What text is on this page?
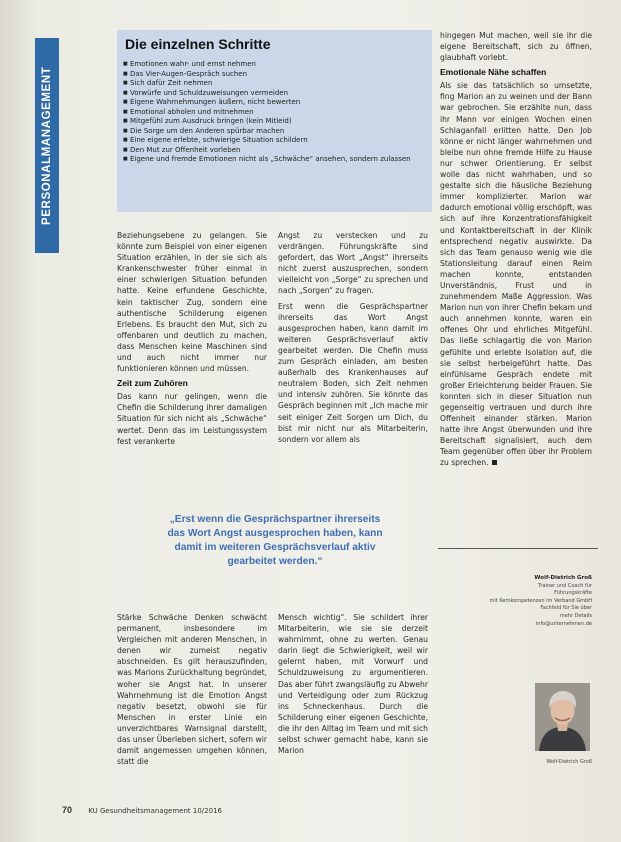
PERSONALMANAGEMENT
Die einzelnen Schritte
■ Emotionen wahr- und ernst nehmen
■ Das Vier-Augen-Gespräch suchen
■ Sich dafür Zeit nehmen
■ Vorwürfe und Schuldzuweisungen vermeiden
■ Eigene Wahrnehmungen äußern, nicht bewerten
■ Emotional abholen und mitnehmen
■ Mitgefühl zum Ausdruck bringen (kein Mitleid)
■ Die Sorge um den Anderen spürbar machen
■ Eine eigene erlebte, schwierige Situation schildern
■ Den Mut zur Offenheit vorleben
■ Eigene und fremde Emotionen nicht als „Schwäche“ ansehen, sondern zulassen

Beziehungsebene zu gelangen. Sie könnte zum Beispiel von einer eigenen Situation erzählen, in der sie sich als Krankenschwester früher einmal in einer schwierigen Situation befunden hatte. Keine erfundene Geschichte, kein taktischer Zug, sondern eine authentische Schilderung eigenen Erlebens. Es braucht den Mut, sich zu offenbaren und deutlich zu machen, dass Menschen keine Maschinen sind und auch nicht immer nur funktionieren können und müssen.

Zeit zum Zuhören

Das kann nur gelingen, wenn die Chefin die Schilderung ihrer damaligen Situation für sich nicht als „Schwäche“ wertet. Denn das im Leistungssystem fest verankerte

Angst zu verstecken und zu verdrängen. Führungskräfte sind gefordert, das Wort „Angst“ ihrerseits nicht zuerst auszusprechen, sondern vielleicht von „Sorge“ zu sprechen und nach „Sorgen“ zu fragen.

Erst wenn die Gesprächspartner ihrerseits das Wort Angst ausgesprochen haben, kann damit im weiteren Gesprächsverlauf aktiv gearbeitet werden. Die Chefin muss zum Gespräch einladen, am besten außerhalb des Krankenhauses auf neutralem Boden, sich Zeit nehmen und intensiv zuhören. Sie könnte das Gespräch beginnen mit „Ich mache mir seit einiger Zeit Sorgen um Dich, du bist mir nicht nur als Mitarbeiterin, sondern vor allem als

„Erst wenn die Gesprächspartner ihrerseits das Wort Angst ausgesprochen haben, kann damit im weiteren Gesprächsverlauf aktiv gearbeitet werden.“

Stärke Schwäche Denken schwächt permanent, insbesondere im Vergleichen mit anderen Menschen, in denen wir zumeist negativ abschneiden. Es gilt herauszufinden, was Marions Zurückhaltung begründet, woher sie Angst hat. In unserer Wahrnehmung ist die Emotion Angst negativ besetzt, obwohl sie für Menschen in erster Linie ein unverzichtbares Warnsignal darstellt, das unser Überleben sichert, sofern wir damit angemessen umgehen können, statt die

Mensch wichtig“. Sie schildert ihrer Mitarbeiterin, wie sie sie derzeit wahrnimmt, ohne zu werten. Genau darin liegt die Schwierigkeit, weil wir gelernt haben, mit Vorwurf und Schuldzuweisung zu argumentieren. Das aber führt zwangsläufig zu Abwehr und Verteidigung oder zum Rückzug ins Schneckenhaus. Durch die Schilderung einer eigenen Geschichte, die ihr den Alltag im Team und mit sich selbst schwer gemacht habe, kann sie Marion

hingegen Mut machen, weil sie ihr die eigene Bereitschaft, sich zu öffnen, glaubhaft vorlebt.

Emotionale Nähe schaffen

Als sie das tatsächlich so umsetzte, fing Marion an zu weinen und der Bann war gebrochen. Sie erzählte nun, dass ihr Mann vor einigen Wochen einen Schlaganfall erlitten hatte. Den Job könne er nicht länger wahrnehmen und bleibe nun ohne fremde Hilfe zu Hause nur schwer Orientierung. Er selbst wolle das nicht wahrhaben, und so gestalte sich die häusliche Beziehung immer komplizierter. Marion war dadurch emotional völlig erschöpft, was sich auf ihre Konzentrationsfähigkeit und Kontaktbereitschaft in der Klinik entsprechend negativ auswirkte. Da sich das Team genauso wenig wie die Stationsleitung darauf einen Reim machen konnte, entstanden Unverständnis, Frust und in zunehmendem Maße Aggression. Was Marion nun von ihrer Chefin bekam und auch annehmen konnte, waren ein offenes Ohr und ehrliches Mitgefühl. Das ließe schlagartig die von Marion gefühlte und erlebte Isolation auf, die sie selbst herbeigeführt hatte. Das einfühlsame Gespräch endete mit großer Erleichterung beider Frauen. Sie konnten sich in dieser Situation nun gegenseitig vertrauen und durch ihre Offenheit einander stärken. Marion hatte ihre Angst überwunden und ihre Bereitschaft signalisiert, auch dem Team gegenüber offen über ihr Problem zu sprechen.

Wolf-Dietrich Groß
Trainer und Coach für
Führungskräfte
mit Kernkompetenzen im Verband GmbH
Fachfeld für Sie über
mehr Details
info@unternehmen.de
Wolf-Dietrich Groß
70 KU Gesundheitsmanagement 10/2016
